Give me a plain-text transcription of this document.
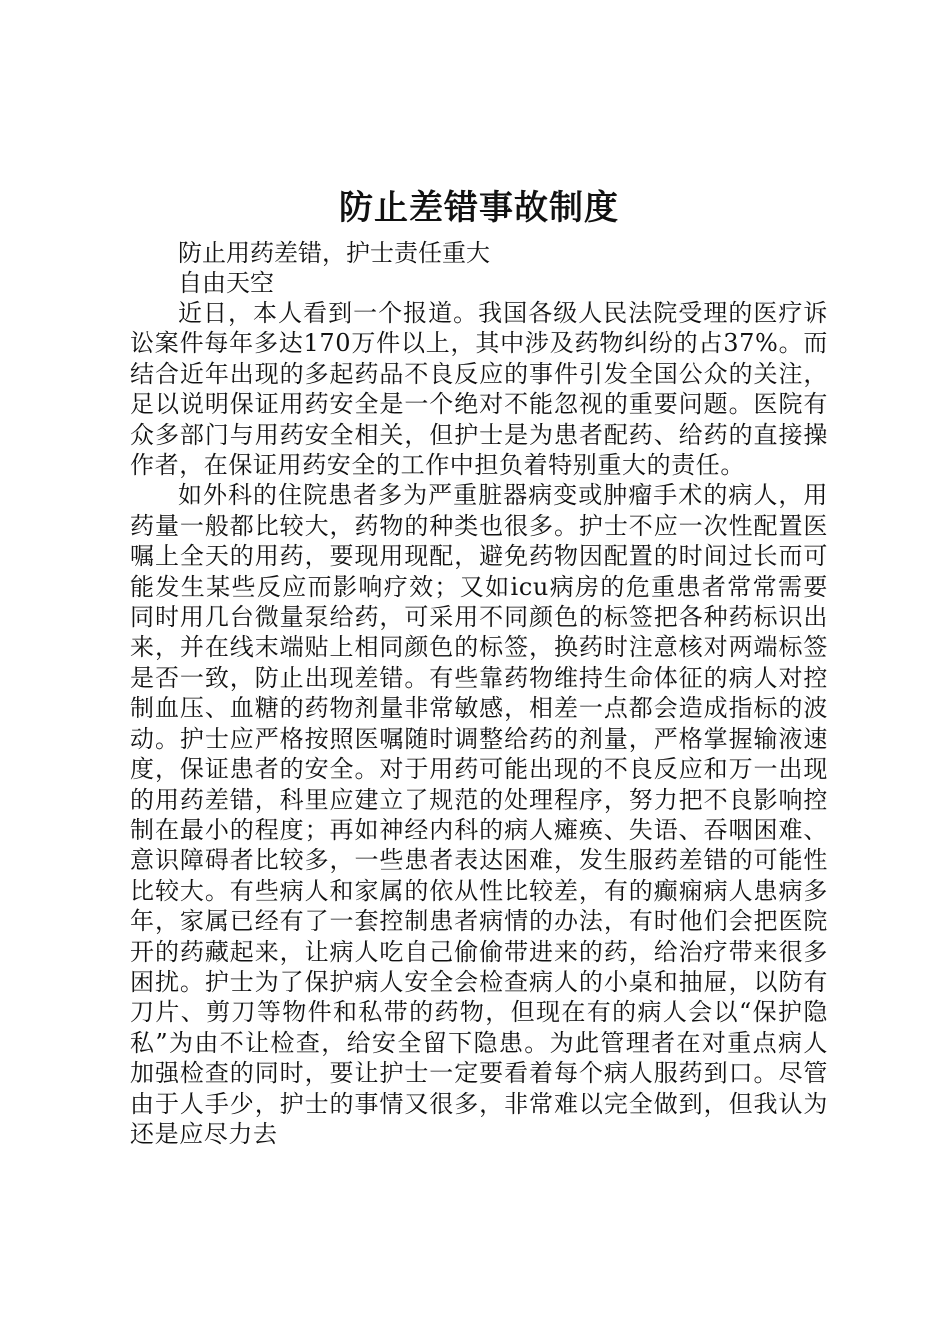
防止差错事故制度

防止用药差错，护士责任重大

自由天空

近日，本人看到一个报道。我国各级人民法院受理的医疗诉讼案件每年多达170万件以上，其中涉及药物纠纷的占37%。而结合近年出现的多起药品不良反应的事件引发全国公众的关注，足以说明保证用药安全是一个绝对不能忽视的重要问题。医院有众多部门与用药安全相关，但护士是为患者配药、给药的直接操作者，在保证用药安全的工作中担负着特别重大的责任。

如外科的住院患者多为严重脏器病变或肿瘤手术的病人，用药量一般都比较大，药物的种类也很多。护士不应一次性配置医嘱上全天的用药，要现用现配，避免药物因配置的时间过长而可能发生某些反应而影响疗效；又如icu病房的危重患者常常需要同时用几台微量泵给药，可采用不同颜色的标签把各种药标识出来，并在线末端贴上相同颜色的标签，换药时注意核对两端标签是否一致，防止出现差错。有些靠药物维持生命体征的病人对控制血压、血糖的药物剂量非常敏感，相差一点都会造成指标的波动。护士应严格按照医嘱随时调整给药的剂量，严格掌握输液速度，保证患者的安全。对于用药可能出现的不良反应和万一出现的用药差错，科里应建立了规范的处理程序，努力把不良影响控制在最小的程度；再如神经内科的病人瘫痪、失语、吞咽困难、意识障碍者比较多，一些患者表达困难，发生服药差错的可能性比较大。有些病人和家属的依从性比较差，有的癫痫病人患病多年，家属已经有了一套控制患者病情的办法，有时他们会把医院开的药藏起来，让病人吃自己偷偷带进来的药，给治疗带来很多困扰。护士为了保护病人安全会检查病人的小桌和抽屉，以防有刀片、剪刀等物件和私带的药物，但现在有的病人会以“保护隐私”为由不让检查，给安全留下隐患。为此管理者在对重点病人加强检查的同时，要让护士一定要看着每个病人服药到口。尽管由于人手少，护士的事情又很多，非常难以完全做到，但我认为还是应尽力去
